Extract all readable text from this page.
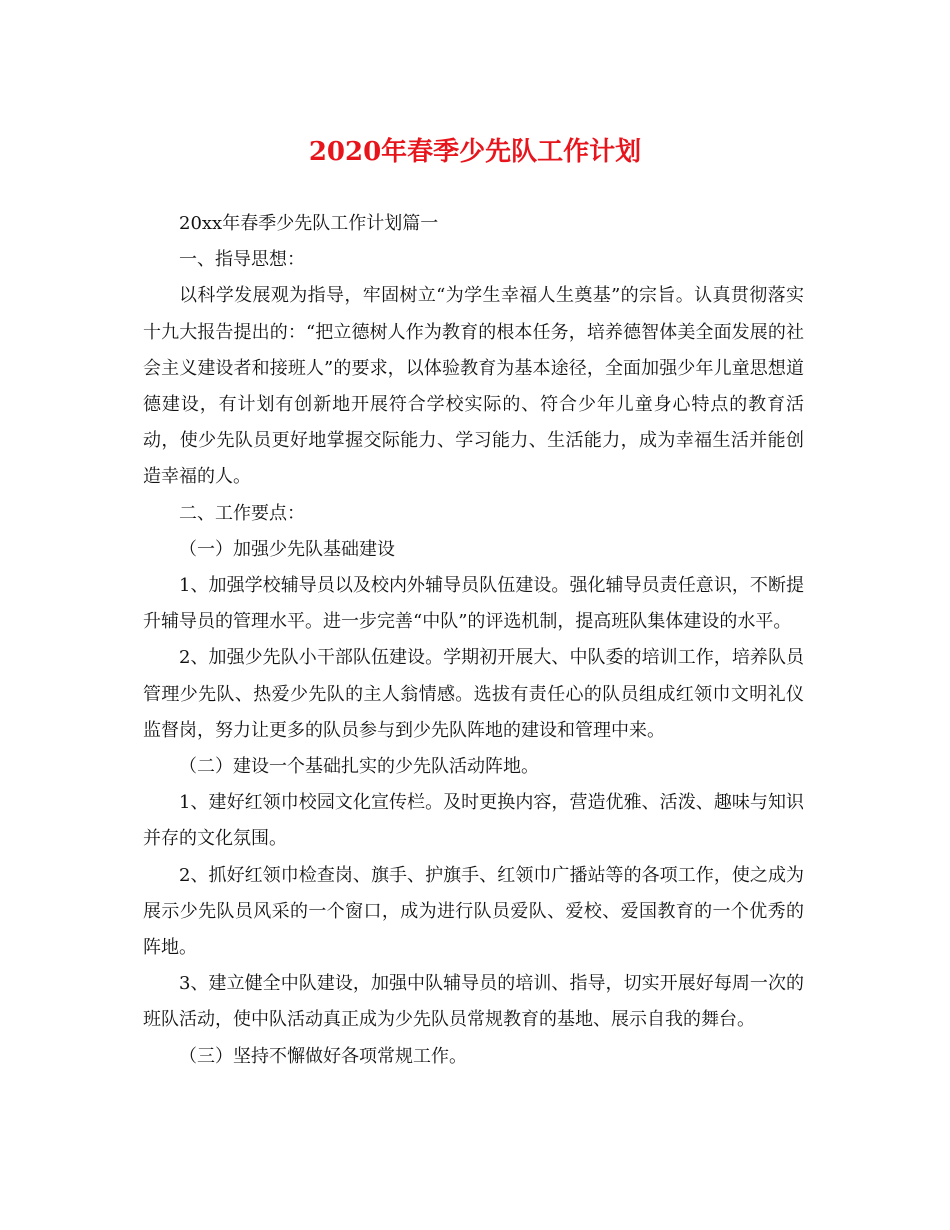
2020年春季少先队工作计划

20xx年春季少先队工作计划篇一

一、指导思想：

以科学发展观为指导，牢固树立“为学生幸福人生奠基”的宗旨。认真贯彻落实十九大报告提出的：“把立德树人作为教育的根本任务，培养德智体美全面发展的社会主义建设者和接班人”的要求，以体验教育为基本途径，全面加强少年儿童思想道德建设，有计划有创新地开展符合学校实际的、符合少年儿童身心特点的教育活动，使少先队员更好地掌握交际能力、学习能力、生活能力，成为幸福生活并能创造幸福的人。

二、工作要点：

（一）加强少先队基础建设

1、加强学校辅导员以及校内外辅导员队伍建设。强化辅导员责任意识，不断提升辅导员的管理水平。进一步完善“中队”的评选机制，提高班队集体建设的水平。

2、加强少先队小干部队伍建设。学期初开展大、中队委的培训工作，培养队员管理少先队、热爱少先队的主人翁情感。选拔有责任心的队员组成红领巾文明礼仪监督岗，努力让更多的队员参与到少先队阵地的建设和管理中来。

（二）建设一个基础扎实的少先队活动阵地。

1、建好红领巾校园文化宣传栏。及时更换内容，营造优雅、活泼、趣味与知识并存的文化氛围。

2、抓好红领巾检查岗、旗手、护旗手、红领巾广播站等的各项工作，使之成为展示少先队员风采的一个窗口，成为进行队员爱队、爱校、爱国教育的一个优秀的阵地。

3、建立健全中队建设，加强中队辅导员的培训、指导，切实开展好每周一次的班队活动，使中队活动真正成为少先队员常规教育的基地、展示自我的舞台。

（三）坚持不懈做好各项常规工作。
